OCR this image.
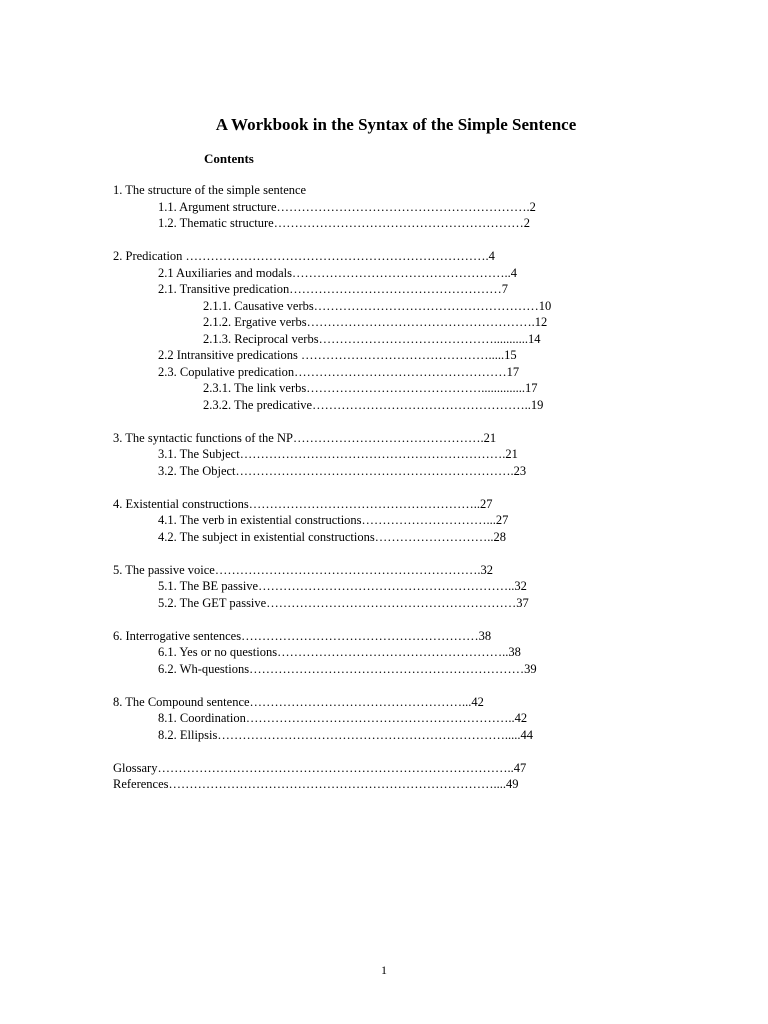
A Workbook in the Syntax of the Simple Sentence
Contents
1. The structure of the simple sentence
1.1. Argument structure…………………………………………………….2
1.2. Thematic structure……………………………………………………2
2. Predication ……………………………………………………………….4
2.1 Auxiliaries and modals……………………………………………..4
2.1. Transitive predication……………………………………………7
2.1.1. Causative verbs………………………………………………10
2.1.2. Ergative verbs……………………………………………….12
2.1.3. Reciprocal verbs……………………………………...........14
2.2 Intransitive predications ……………………………………….....15
2.3. Copulative predication……………………………………………17
2.3.1. The link verbs……………………………………..............17
2.3.2. The predicative……………………………………………..19
3. The syntactic functions of the NP……………………………………….21
3.1. The Subject……………………………………………………….21
3.2. The Object………………………………………………………….23
4. Existential constructions………………………………………………..27
4.1. The verb in existential constructions…………………………...27
4.2. The subject in existential constructions………………………..28
5. The passive voice……………………………………………………….32
5.1. The BE passive……………………………………………………..32
5.2. The GET passive……………………………………………………37
6. Interrogative sentences…………………………………………………38
6.1. Yes or no questions………………………………………………..38
6.2. Wh-questions…………………………………………………………39
8. The Compound sentence……………………………………………...42
8.1. Coordination………………………………………………………..42
8.2. Ellipsis…………………………………………………………….....44
Glossary…………………………………………………………………………..47
References……………………………………………………………………....49
1
